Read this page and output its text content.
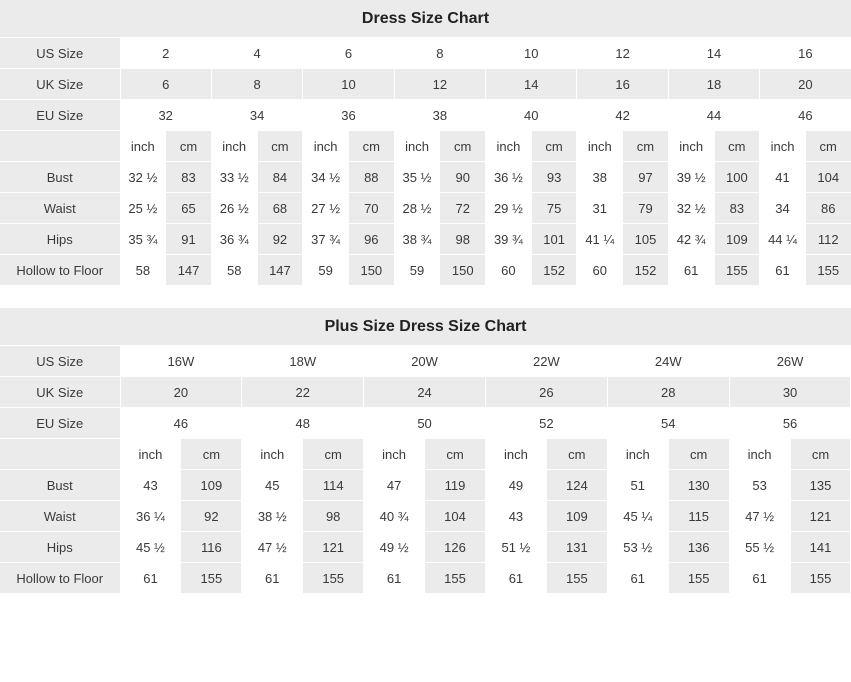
Dress Size Chart
US Size	2		4		6		8		10		12		14		16	
UK Size	6		8		10		12		14		16		18		20	
EU Size	32		34		36		38		40		42		44		46	
	inch	cm	inch	cm	inch	cm	inch	cm	inch	cm	inch	cm	inch	cm	inch	cm
Bust	32 ½	83	33 ½	84	34 ½	88	35 ½	90	36 ½	93	38	97	39 ½	100	41	104
Waist	25 ½	65	26 ½	68	27 ½	70	28 ½	72	29 ½	75	31	79	32 ½	83	34	86
Hips	35 ¾	91	36 ¾	92	37 ¾	96	38 ¾	98	39 ¾	101	41 ¼	105	42 ¾	109	44 ¼	112
Hollow to Floor	58	147	58	147	59	150	59	150	60	152	60	152	61	155	61	155
Plus Size Dress Size Chart
US Size	16W		18W		20W		22W		24W		26W	
UK Size	20		22		24		26		28		30	
EU Size	46		48		50		52		54		56	
	inch	cm	inch	cm	inch	cm	inch	cm	inch	cm	inch	cm
Bust	43	109	45	114	47	119	49	124	51	130	53	135
Waist	36 ¼	92	38 ½	98	40 ¾	104	43	109	45 ¼	115	47 ½	121
Hips	45 ½	116	47 ½	121	49 ½	126	51 ½	131	53 ½	136	55 ½	141
Hollow to Floor	61	155	61	155	61	155	61	155	61	155	61	155
